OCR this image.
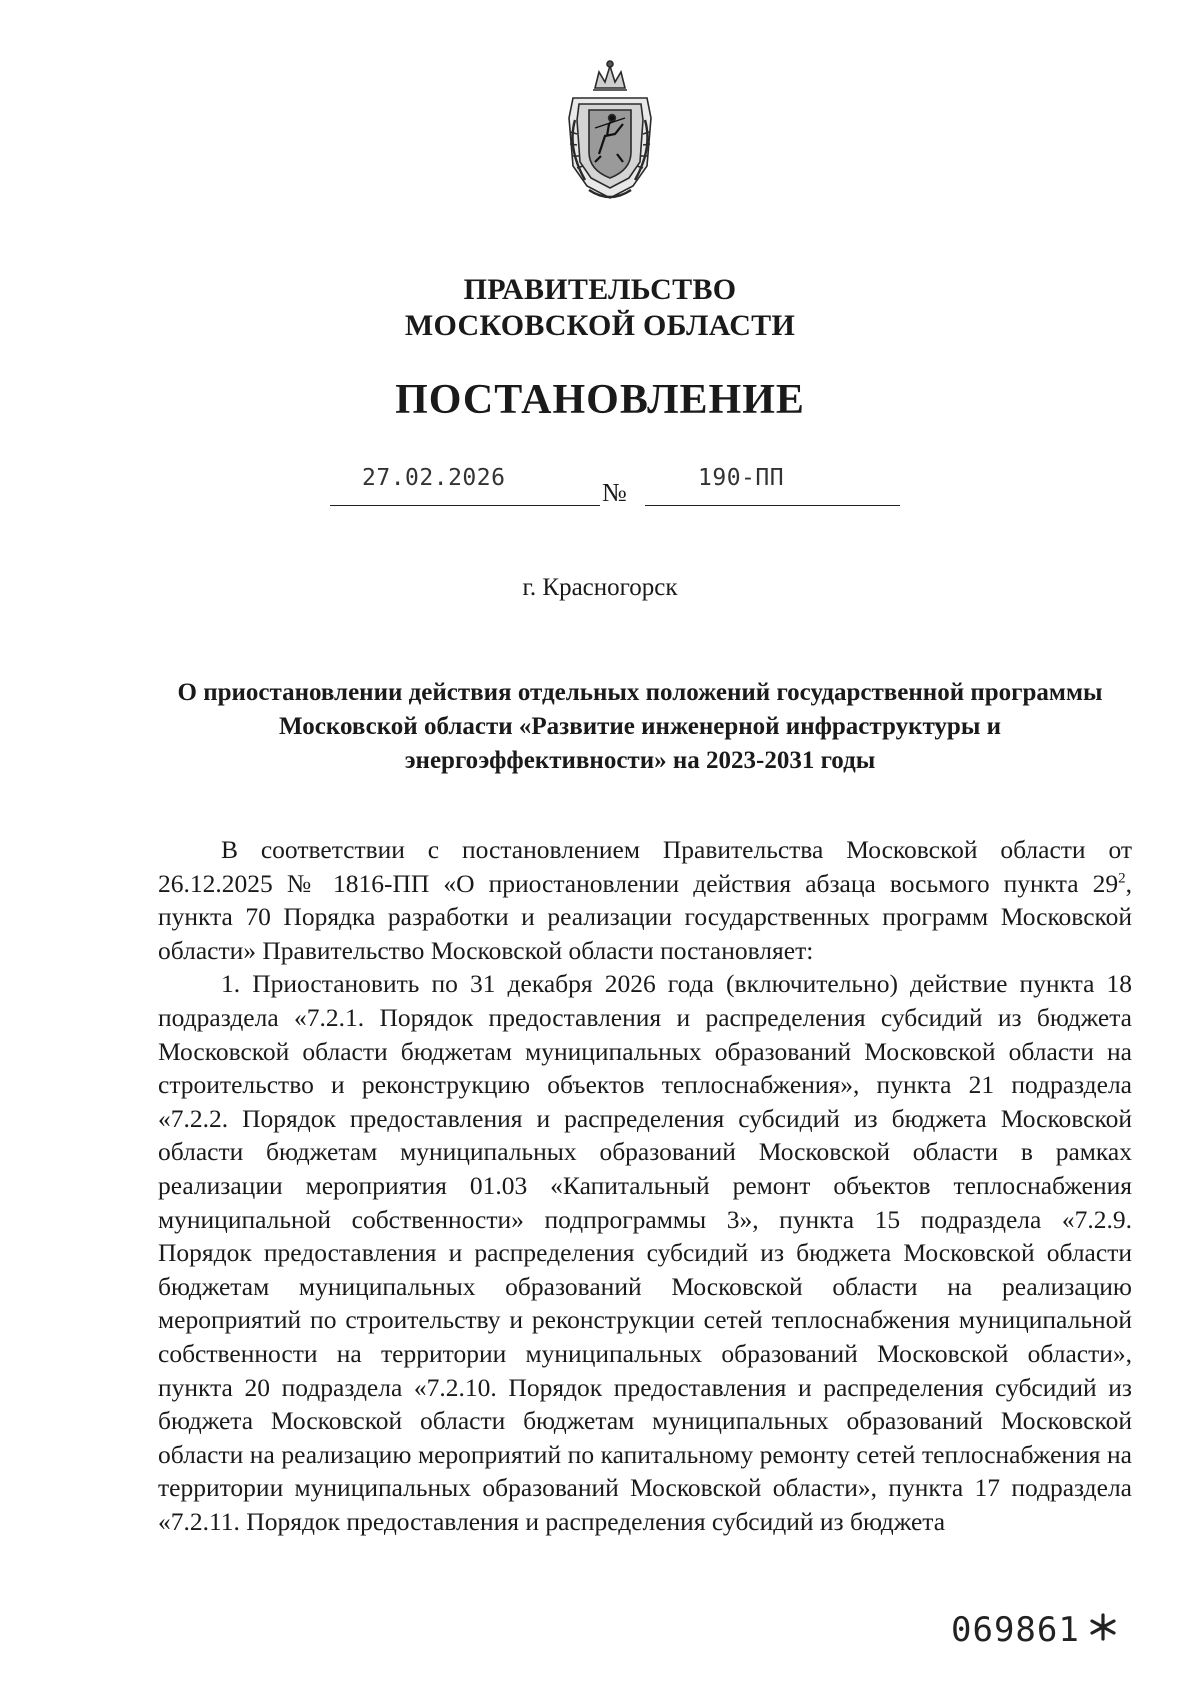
ПРАВИТЕЛЬСТВО
МОСКОВСКОЙ ОБЛАСТИ
ПОСТАНОВЛЕНИЕ
27.02.2026	№	190-ПП
г. Красногорск
О приостановлении действия отдельных положений государственной программы Московской области «Развитие инженерной инфраструктуры и энергоэффективности» на 2023-2031 годы

В соответствии с постановлением Правительства Московской области от 26.12.2025 № 1816-ПП «О приостановлении действия абзаца восьмого пункта $29^2$, пункта 70 Порядка разработки и реализации государственных программ Московской области» Правительство Московской области постановляет:

1. Приостановить по 31 декабря 2026 года (включительно) действие пункта 18 подраздела «7.2.1. Порядок предоставления и распределения субсидий из бюджета Московской области бюджетам муниципальных образований Московской области на строительство и реконструкцию объектов теплоснабжения», пункта 21 подраздела «7.2.2. Порядок предоставления и распределения субсидий из бюджета Московской области бюджетам муниципальных образований Московской области в рамках реализации мероприятия 01.03 «Капитальный ремонт объектов теплоснабжения муниципальной собственности» подпрограммы 3», пункта 15 подраздела «7.2.9. Порядок предоставления и распределения субсидий из бюджета Московской области бюджетам муниципальных образований Московской области на реализацию мероприятий по строительству и реконструкции сетей теплоснабжения муниципальной собственности на территории муниципальных образований Московской области», пункта 20 подраздела «7.2.10. Порядок предоставления и распределения субсидий из бюджета Московской области бюджетам муниципальных образований Московской области на реализацию мероприятий по капитальному ремонту сетей теплоснабжения на территории муниципальных образований Московской области», пункта 17 подраздела «7.2.11. Порядок предоставления и распределения субсидий из бюджета

069861
